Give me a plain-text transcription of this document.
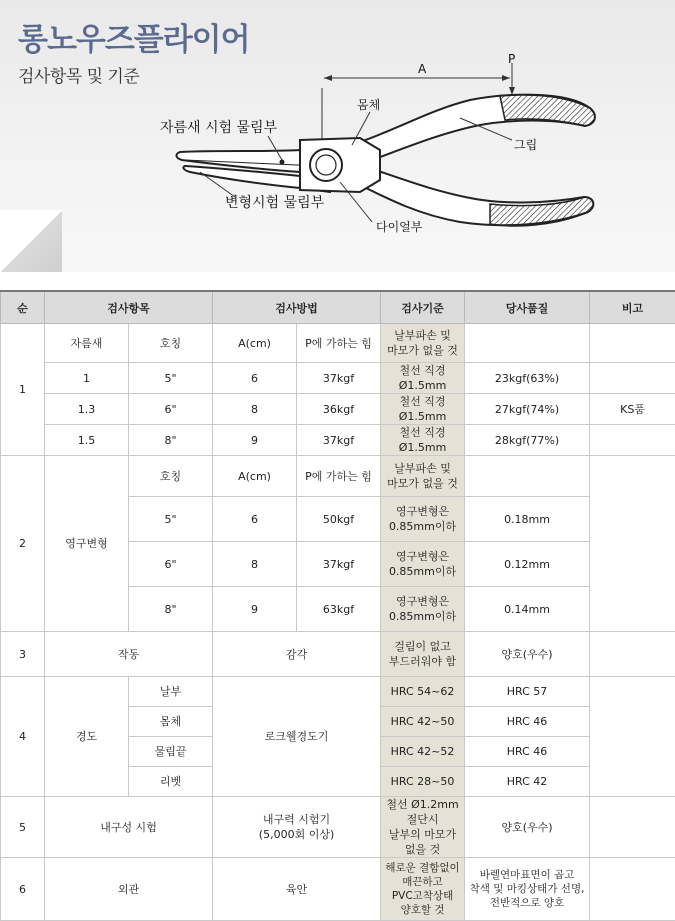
롱노우즈플라이어
검사항목 및 기준	A
P
몸체
그립
자름새 시험 물림부
변형시험 물림부
다이얼부
순	검사항목		검사방법		검사기준	당사품질	비고
1	자름새	호칭	A(cm)	P에 가하는 힘	날부파손 및
마모가 없을 것		
	1	5"	6	37kgf	철선 직경 Ø1.5mm	23kgf(63%)	
	1.3	6"	8	36kgf	철선 직경 Ø1.5mm	27kgf(74%)	KS품
	1.5	8"	9	37kgf	철선 직경 Ø1.5mm	28kgf(77%)	
2	영구변형	호칭	A(cm)	P에 가하는 힘	날부파손 및
마모가 없을 것		
		5"	6	50kgf	영구변형은
0.85mm이하	0.18mm	
		6"	8	37kgf	영구변형은
0.85mm이하	0.12mm	
		8"	9	63kgf	영구변형은
0.85mm이하	0.14mm	
3	작동		감각		걸림이 없고
부드러워야 함	양호(우수)	
4	경도	날부	로크웰경도기		HRC 54~62	HRC 57	
		몸체			HRC 42~50	HRC 46	
		물림끝			HRC 42~52	HRC 46	
		리벳			HRC 28~50	HRC 42	
5	내구성 시험		내구력 시험기
(5,000회 이상)		철선 Ø1.2mm절단시
날부의 마모가 없을 것	양호(우수)	
6	외관		육안		해로운 결함없이
매끈하고
PVC고착상태
양호할 것	바렐연마표면이 곱고
착색 및 마킹상태가 선명,
전반적으로 양호	
